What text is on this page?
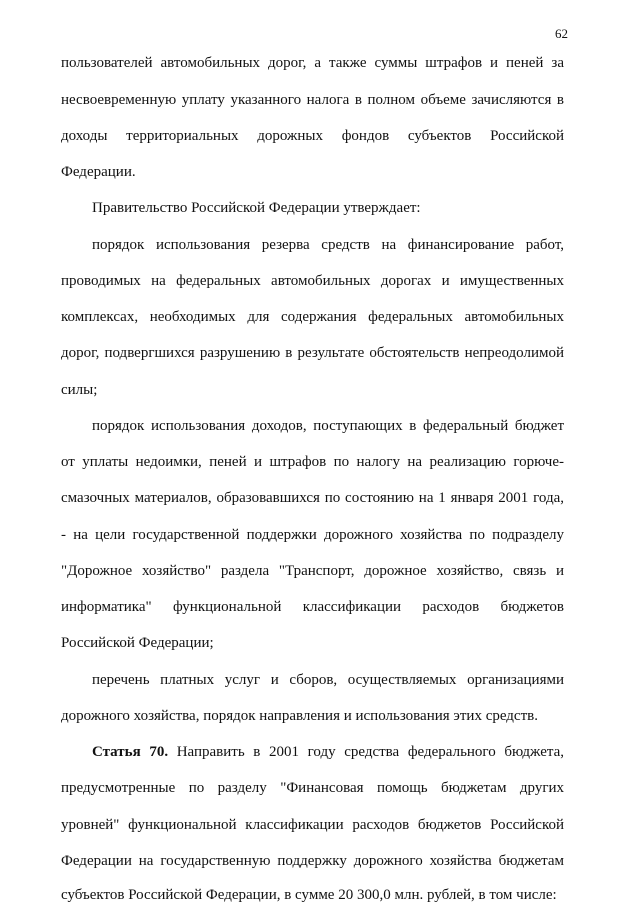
62
пользователей автомобильных дорог, а также суммы штрафов и пеней за
несвоевременную уплату указанного налога в полном объеме зачисляются в
доходы территориальных дорожных фондов субъектов Российской
Федерации.
Правительство Российской Федерации утверждает:
порядок использования резерва средств на финансирование работ,
проводимых на федеральных автомобильных дорогах и имущественных
комплексах, необходимых для содержания федеральных автомобильных
дорог, подвергшихся разрушению в результате обстоятельств непреодолимой
силы;
порядок использования доходов, поступающих в федеральный бюджет
от уплаты недоимки, пеней и штрафов по налогу на реализацию горюче-
смазочных материалов, образовавшихся по состоянию на 1 января 2001 года,
- на цели государственной поддержки дорожного хозяйства по подразделу
"Дорожное хозяйство" раздела "Транспорт, дорожное хозяйство, связь и
информатика" функциональной классификации расходов бюджетов
Российской Федерации;
перечень платных услуг и сборов, осуществляемых организациями
дорожного хозяйства, порядок направления и использования этих средств.
Статья 70. Направить в 2001 году средства федерального бюджета,
предусмотренные по разделу "Финансовая помощь бюджетам других
уровней" функциональной классификации расходов бюджетов Российской
Федерации на государственную поддержку дорожного хозяйства бюджетам
субъектов Российской Федерации, в сумме 20 300,0 млн. рублей, в том числе:
